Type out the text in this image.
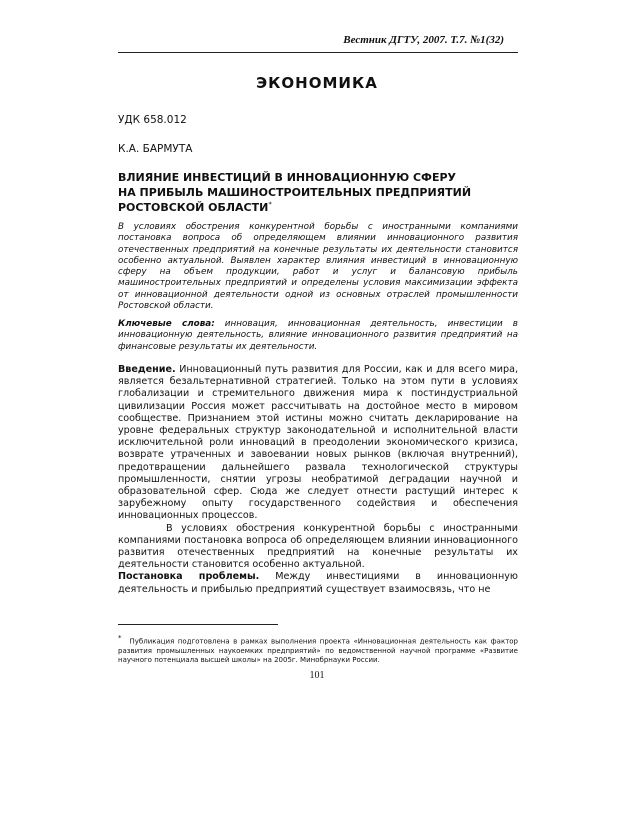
Вестник ДГТУ, 2007. Т.7. №1(32)
ЭКОНОМИКА
УДК 658.012
К.А. БАРМУТА
ВЛИЯНИЕ ИНВЕСТИЦИЙ В ИННОВАЦИОННУЮ СФЕРУ
НА ПРИБЫЛЬ МАШИНОСТРОИТЕЛЬНЫХ ПРЕДПРИЯТИЙ
РОСТОВСКОЙ ОБЛАСТИ*
В условиях обострения конкурентной борьбы с иностранными компаниями постановка вопроса об определяющем влиянии инновационного развития отечественных предприятий на конечные результаты их деятельности становится особенно актуальной. Выявлен характер влияния инвестиций в инновационную сферу на объем продукции, работ и услуг и балансовую прибыль машиностроительных предприятий и определены условия максимизации эффекта от инновационной деятельности одной из основных отраслей промышленности Ростовской области.
Ключевые слова: инновация, инновационная деятельность, инвестиции в инновационную деятельность, влияние инновационного развития предприятий на финансовые результаты их деятельности.

Введение. Инновационный путь развития для России, как и для всего мира, является безальтернативной стратегией. Только на этом пути в условиях глобализации и стремительного движения мира к постиндустриальной цивилизации Россия может рассчитывать на достойное место в мировом сообществе. Признанием этой истины можно считать декларирование на уровне федеральных структур законодательной и исполнительной власти исключительной роли инноваций в преодолении экономического кризиса, возврате утраченных и завоевании новых рынков (включая внутренний), предотвращении дальнейшего развала технологической структуры промышленности, снятии угрозы необратимой деградации научной и образовательной сфер. Сюда же следует отнести растущий интерес к зарубежному опыту государственного содействия и обеспечения инновационных процессов.

В условиях обострения конкурентной борьбы с иностранными компаниями постановка вопроса об определяющем влиянии инновационного развития отечественных предприятий на конечные результаты их деятельности становится особенно актуальной.

Постановка проблемы. Между инвестициями в инновационную деятельность и прибылью предприятий существует взаимосвязь, что не

* Публикация подготовлена в рамках выполнения проекта «Инновационная деятельность как фактор развития промышленных наукоемких предприятий» по ведомственной научной программе «Развитие научного потенциала высшей школы» на 2005г. Минобрнауки России.
101
